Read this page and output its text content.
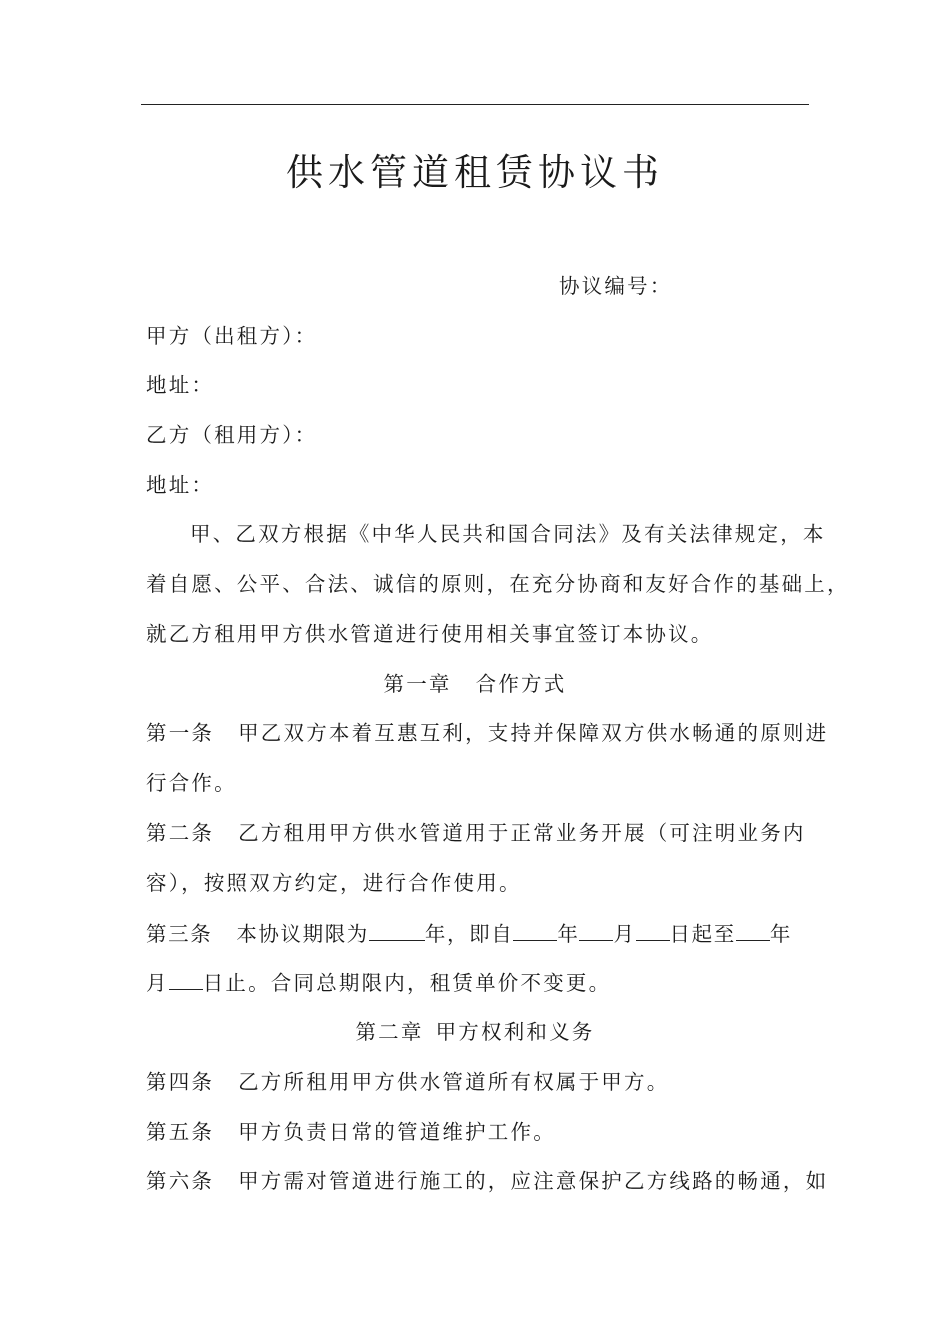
供水管道租赁协议书
协议编号：
甲方（出租方）：
地址：
乙方（租用方）：
地址：
甲、乙双方根据《中华人民共和国合同法》及有关法律规定，本
着自愿、公平、合法、诚信的原则，在充分协商和友好合作的基础上，
就乙方租用甲方供水管道进行使用相关事宜签订本协议。
第一章 合作方式
第一条 甲乙双方本着互惠互利，支持并保障双方供水畅通的原则进
行合作。
第二条 乙方租用甲方供水管道用于正常业务开展（可注明业务内
容），按照双方约定，进行合作使用。
第三条 本协议期限为	年，即自 年 月 日起至 年
月 日止。合同总期限内，租赁单价不变更。
第二章 甲方权利和义务
第四条 乙方所租用甲方供水管道所有权属于甲方。
第五条 甲方负责日常的管道维护工作。
第六条 甲方需对管道进行施工的，应注意保护乙方线路的畅通，如
